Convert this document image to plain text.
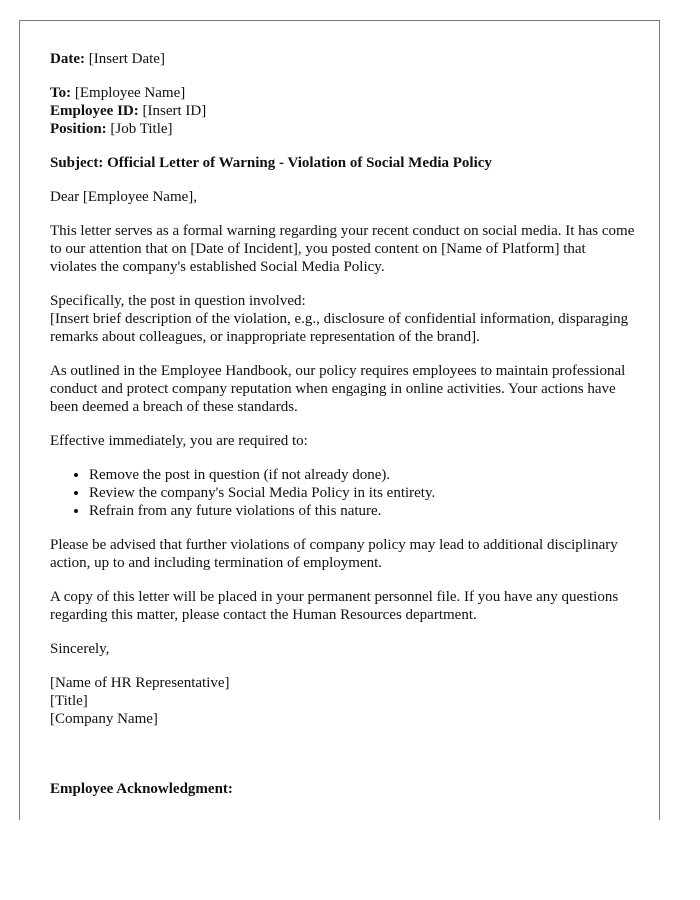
Date: [Insert Date]
To: [Employee Name]
Employee ID: [Insert ID]
Position: [Job Title]
Subject: Official Letter of Warning - Violation of Social Media Policy
Dear [Employee Name],
This letter serves as a formal warning regarding your recent conduct on social media. It has come to our attention that on [Date of Incident], you posted content on [Name of Platform] that violates the company's established Social Media Policy.
Specifically, the post in question involved:
[Insert brief description of the violation, e.g., disclosure of confidential information, disparaging remarks about colleagues, or inappropriate representation of the brand].
As outlined in the Employee Handbook, our policy requires employees to maintain professional conduct and protect company reputation when engaging in online activities. Your actions have been deemed a breach of these standards.
Effective immediately, you are required to:
• Remove the post in question (if not already done).
• Review the company's Social Media Policy in its entirety.
• Refrain from any future violations of this nature.
Please be advised that further violations of company policy may lead to additional disciplinary action, up to and including termination of employment.
A copy of this letter will be placed in your permanent personnel file. If you have any questions regarding this matter, please contact the Human Resources department.
Sincerely,
[Name of HR Representative]
[Title]
[Company Name]
Employee Acknowledgment:
